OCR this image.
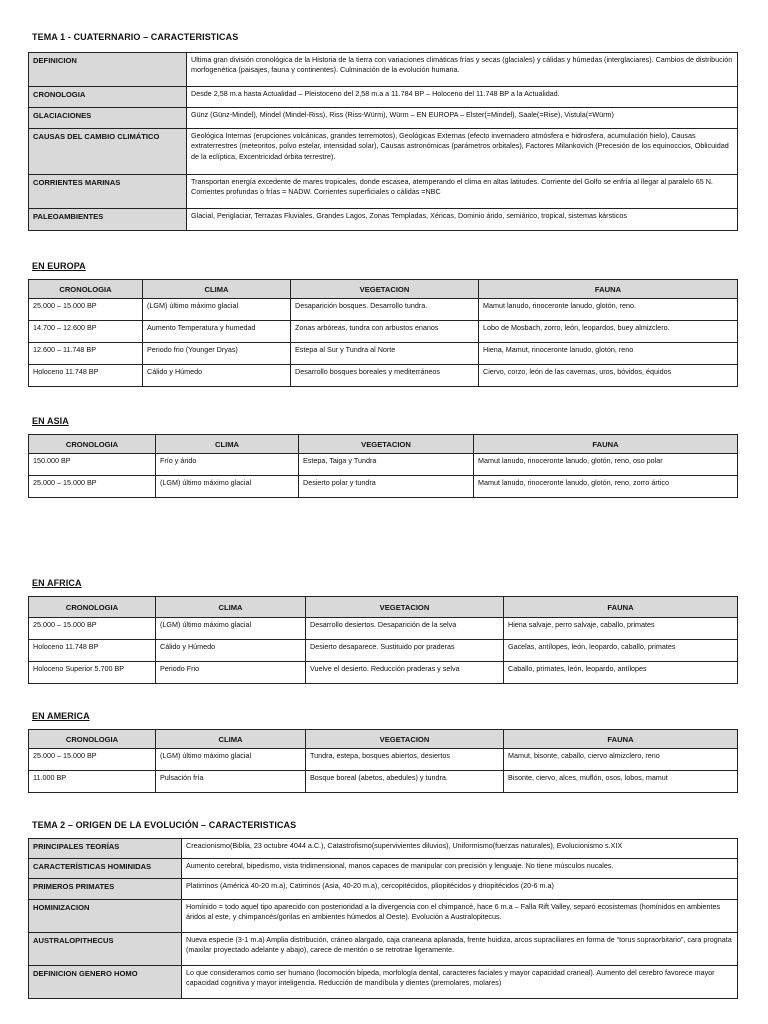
TEMA 1 - CUATERNARIO – CARACTERISTICAS
DEFINICION	Ultima gran división cronológica de la Historia de la tierra con variaciones climáticas frías y secas (glaciales) y cálidas y húmedas (interglaciares). Cambios de distribución morfogenética (paisajes, fauna y continentes). Culminación de la evolución humana.
CRONOLOGIA	Desde 2,58 m.a hasta Actualidad – Pleistoceno del 2,58 m.a a 11.784 BP – Holoceno del 11.748 BP a la Actualidad.
GLACIACIONES	Günz (Günz-Mindel), Mindel (Mindel-Riss), Riss (Riss-Würm), Würm – EN EUROPA – Elster(=Mindel), Saale(=Rise), Vistula(=Würm)
CAUSAS DEL CAMBIO CLIMÁTICO	Geológica Internas (erupciones volcánicas, grandes terremotos), Geológicas Externas (efecto invernadero atmósfera e hidrosfera, acumulación hielo), Causas extraterrestres (meteoritos, polvo estelar, intensidad solar), Causas astronómicas (parámetros orbitales), Factores Milankovich (Precesión de los equinoccios, Oblicuidad de la eclíptica, Excentricidad órbita terrestre).
CORRIENTES MARINAS	Transportan energía excedente de mares tropicales, donde escasea, atemperando el clima en altas latitudes. Corriente del Golfo se enfría al llegar al paralelo 65 N. Corrientes profundas o frías = NADW. Corrientes superficiales o cálidas =NBC
PALEOAMBIENTES	Glacial, Periglaciar, Terrazas Fluviales, Grandes Lagos, Zonas Templadas, Xéricas, Dominio árido, semiárico, tropical, sistemas kársticos
EN EUROPA
CRONOLOGIA	CLIMA	VEGETACION	FAUNA
25.000 – 15.000 BP	(LGM) último máximo glacial	Desaparición bosques. Desarrollo tundra.	Mamut lanudo, rinoceronte lanudo, glotón, reno.
14.700 – 12.600 BP	Aumento Temperatura y humedad	Zonas arbóreas, tundra con arbustos enanos	Lobo de Mosbach, zorro, león, leopardos, buey almizclero.
12.600 – 11.748 BP	Periodo frio (Younger Dryas)	Estepa al Sur y Tundra al Norte	Hiena, Mamut, rinoceronte lanudo, glotón, reno
Holoceno 11.748 BP	Cálido y Húmedo	Desarrollo bosques boreales y mediterráneos	Ciervo, corzo, león de las cavernas, uros, bóvidos, équidos
EN ASIA
CRONOLOGIA	CLIMA	VEGETACION	FAUNA
150.000 BP	Frío y árido	Estepa, Taiga y Tundra	Mamut lanudo, rinoceronte lanudo, glotón, reno, oso polar
25.000 – 15.000 BP	(LGM) último máximo glacial	Desierto polar y tundra	Mamut lanudo, rinoceronte lanudo, glotón, reno, zorro ártico
EN AFRICA
CRONOLOGIA	CLIMA	VEGETACION	FAUNA
25.000 – 15.000 BP	(LGM) último máximo glacial	Desarrollo desiertos. Desaparición de la selva	Hiena salvaje, perro salvaje, caballo, primates
Holoceno 11.748 BP	Cálido y Húmedo	Desierto desaparece. Sustituido por praderas	Gacelas, antílopes, león, leopardo, caballo, primates
Holoceno Superior 5.700 BP	Periodo Frio	Vuelve el desierto. Reducción praderas y selva	Caballo, primates, león, leopardo, antílopes
EN AMERICA
CRONOLOGIA	CLIMA	VEGETACION	FAUNA
25.000 – 15.000 BP	(LGM) último máximo glacial	Tundra, estepa, bosques abiertos, desiertos	Mamut, bisonte, caballo, ciervo almizclero, reno
11.000 BP	Pulsación fría	Bosque boreal (abetos, abedules) y tundra.	Bisonte, ciervo, alces, muflón, osos, lobos, mamut
TEMA 2 – ORIGEN DE LA EVOLUCIÓN – CARACTERISTICAS
PRINCIPALES TEORÍAS	Creacionismo(Biblia, 23 octubre 4044 a.C.), Catastrofismo(supervivientes diluvios), Uniformismo(fuerzas naturales), Evolucionismo s.XIX
CARACTERÍSTICAS HOMINIDAS	Aumento cerebral, bipedismo, vista tridimensional, manos capaces de manipular con precisión y lenguaje. No tiene músculos nucales.
PRIMEROS PRIMATES	Platirrinos (América 40-20 m.a), Catirrinos (Asia, 40-20 m.a), cercopitécidos, pliopitécidos y driopitécidos (20-6 m.a)
HOMINIZACION	Homínido = todo aquel tipo aparecido con posterioridad a la divergencia con el chimpancé, hace 6 m.a – Falla Rift Valley, separó ecosistemas (homínidos en ambientes áridos al este, y chimpancés/gorilas en ambientes húmedos al Oeste). Evolución a Australopitecus.
AUSTRALOPITHECUS	Nueva especie (3-1 m.a) Amplia distribución, cráneo alargado, caja craneana aplanada, frente huidiza, arcos supraciliares en forma de “torus supraorbitario”, cara prognata (maxilar proyectado adelante y abajo), carece de mentón o se retrotrae ligeramente.
DEFINICION GENERO HOMO	Lo que consideramos como ser humano (locomoción bípeda, morfología dental, caracteres faciales y mayor capacidad craneal). Aumento del cerebro favorece mayor capacidad cognitiva y mayor inteligencia. Reducción de mandíbula y dientes (premolares, molares)
